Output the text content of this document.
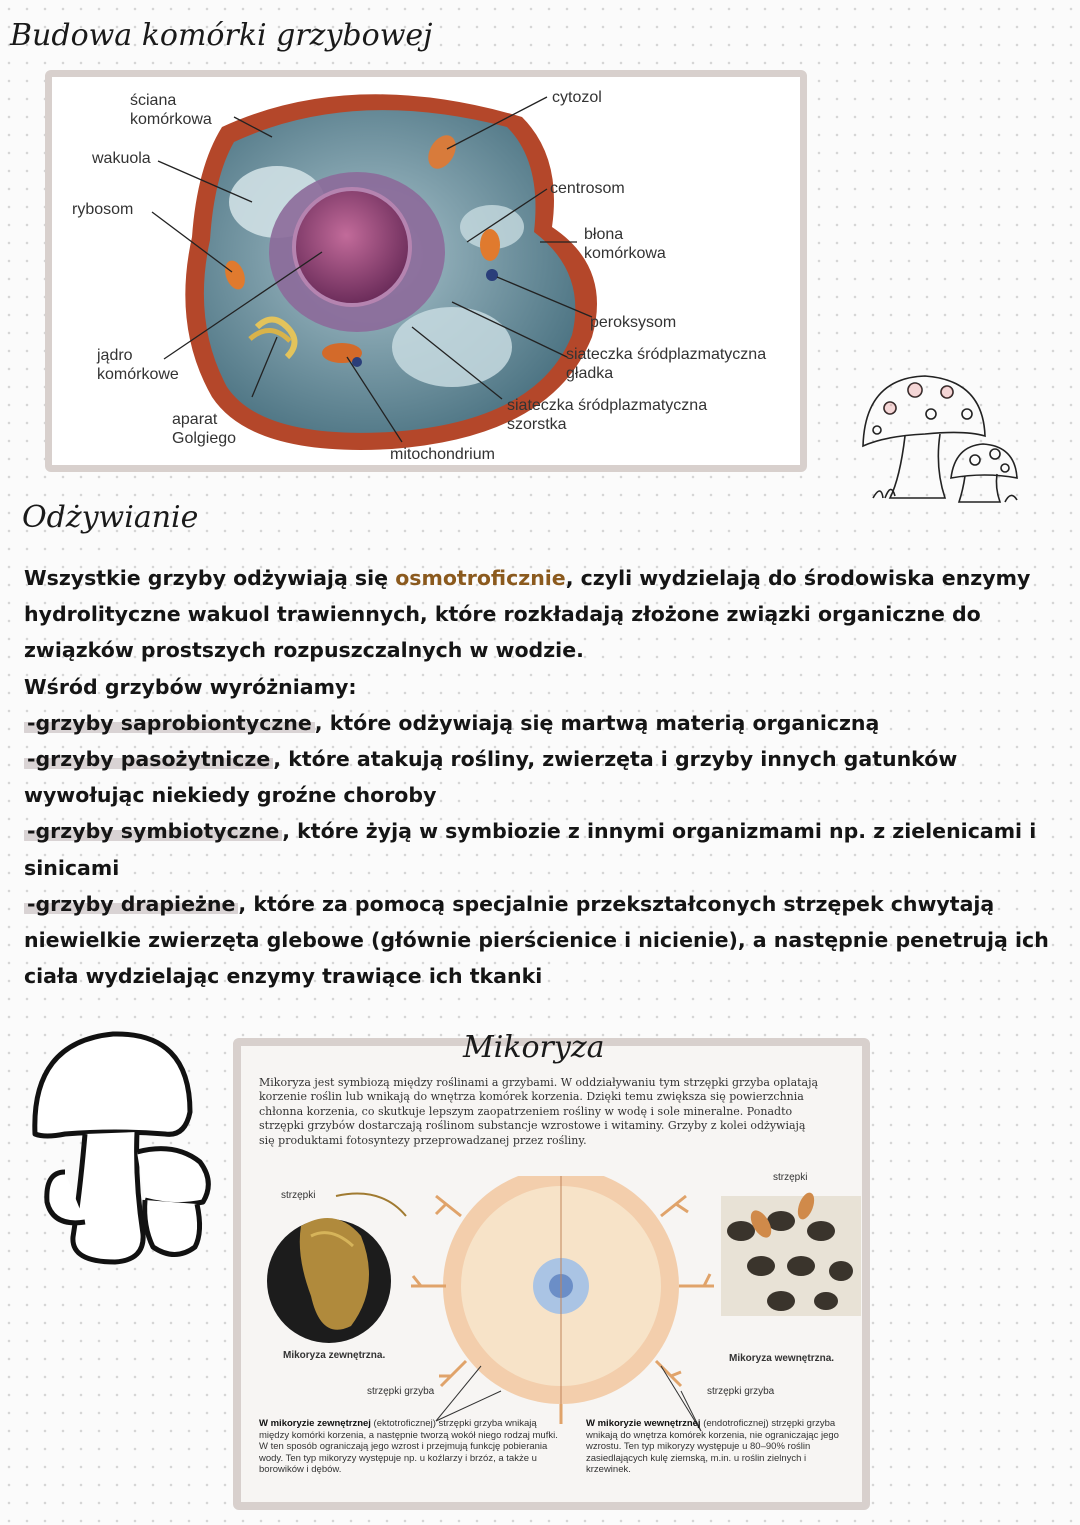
Budowa komórki grzybowej
ściana
komórkowa
wakuola
rybosom
jądro
komórkowe
aparat
Golgiego
mitochondrium
cytozol
centrosom
błona
komórkowa
peroksysom
siateczka śródplazmatyczna
gładka
siateczka śródplazmatyczna
szorstka
Odżywianie

Wszystkie grzyby odżywiają się osmotroficznie, czyli wydzielają do środowiska enzymy hydrolityczne wakuol trawiennych, które rozkładają złożone związki organiczne do związków prostszych rozpuszczalnych w wodzie.

Wśród grzybów wyróżniamy:

-grzyby saprobiontyczne , które odżywiają się martwą materią organiczną

-grzyby pasożytnicze , które atakują rośliny, zwierzęta i grzyby innych gatunków wywołując niekiedy groźne choroby

-grzyby symbiotyczne , które żyją w symbiozie z innymi organizmami np. z zielenicami i sinicami

-grzyby drapieżne , które za pomocą specjalnie przekształconych strzępek chwytają niewielkie zwierzęta glebowe (głównie pierścienice i nicienie), a następnie penetrują ich ciała wydzielając enzymy trawiące ich tkanki

Mikoryza
Mikoryza jest symbiozą między roślinami a grzybami. W oddziaływaniu tym strzępki grzyba oplatają korzenie roślin lub wnikają do wnętrza komórek korzenia. Dzięki temu zwiększa się powierzchnia chłonna korzenia, co skutkuje lepszym zaopatrzeniem rośliny w wodę i sole mineralne. Ponadto strzępki grzybów dostarczają roślinom substancje wzrostowe i witaminy. Grzyby z kolei odżywiają się produktami fotosyntezy przeprowadzanej przez rośliny.
strzępki
strzępki
Mikoryza zewnętrzna.	Mikoryza wewnętrzna.
strzępki grzyba	strzępki grzyba
W mikoryzie zewnętrznej (ektotroficznej) strzępki grzyba wnikają między komórki korzenia, a następnie tworzą wokół niego rodzaj mufki. W ten sposób ograniczają jego wzrost i przejmują funkcję pobierania wody. Ten typ mikoryzy występuje np. u koźlarzy i brzóz, a także u borowików i dębów.
W mikoryzie wewnętrznej (endotroficznej) strzępki grzyba wnikają do wnętrza komórek korzenia, nie ograniczając jego wzrostu. Ten typ mikoryzy występuje u 80–90% roślin zasiedlających kulę ziemską, m.in. u roślin zielnych i krzewinek.
